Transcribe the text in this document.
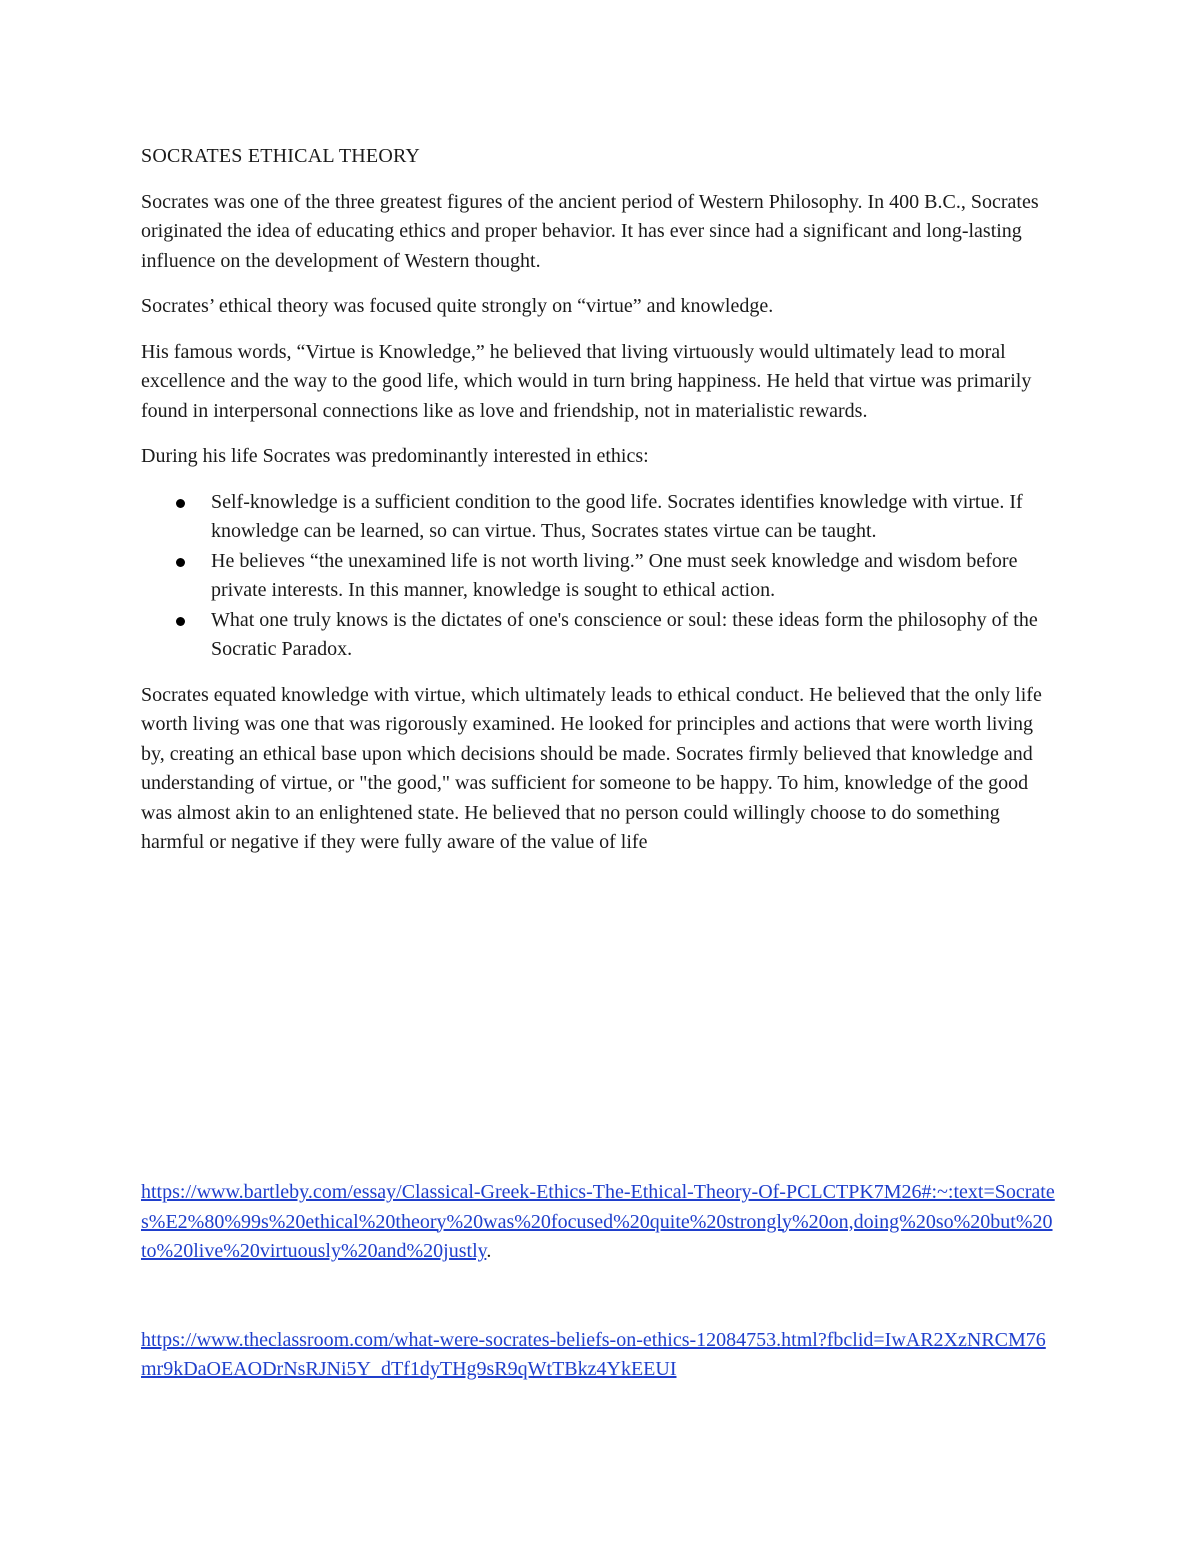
SOCRATES ETHICAL THEORY

Socrates was one of the three greatest figures of the ancient period of Western Philosophy. In 400 B.C., Socrates originated the idea of educating ethics and proper behavior. It has ever since had a significant and long-lasting influence on the development of Western thought.

Socrates’ ethical theory was focused quite strongly on “virtue” and knowledge.

His famous words, “Virtue is Knowledge,” he believed that living virtuously would ultimately lead to moral excellence and the way to the good life, which would in turn bring happiness. He held that virtue was primarily found in interpersonal connections like as love and friendship, not in materialistic rewards.

During his life Socrates was predominantly interested in ethics:

Self-knowledge is a sufficient condition to the good life. Socrates identifies knowledge with virtue. If knowledge can be learned, so can virtue. Thus, Socrates states virtue can be taught.
He believes “the unexamined life is not worth living.” One must seek knowledge and wisdom before private interests. In this manner, knowledge is sought to ethical action.
What one truly knows is the dictates of one's conscience or soul: these ideas form the philosophy of the Socratic Paradox.

Socrates equated knowledge with virtue, which ultimately leads to ethical conduct. He believed that the only life worth living was one that was rigorously examined. He looked for principles and actions that were worth living by, creating an ethical base upon which decisions should be made. Socrates firmly believed that knowledge and understanding of virtue, or "the good," was sufficient for someone to be happy. To him, knowledge of the good was almost akin to an enlightened state. He believed that no person could willingly choose to do something harmful or negative if they were fully aware of the value of life

https://www.bartleby.com/essay/Classical-Greek-Ethics-The-Ethical-Theory-Of-PCLCTPK7M26#:~:text=Socrates%E2%80%99s%20ethical%20theory%20was%20focused%20quite%20strongly%20on,doing%20so%20but%20to%20live%20virtuously%20and%20justly.

https://www.theclassroom.com/what-were-socrates-beliefs-on-ethics-12084753.html?fbclid=IwAR2XzNRCM76mr9kDaOEAODrNsRJNi5Y_dTf1dyTHg9sR9qWtTBkz4YkEEUI
